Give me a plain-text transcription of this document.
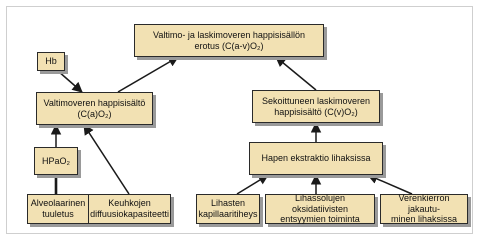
Valtimo- ja laskimoveren happisisällön
erotus (C(a-v)O₂)
Hb
Valtimoveren happisisältö
(C(a)O₂)
HPaO₂
Alveolaarinen
tuuletus
Keuhkojen
diffuusiokapasiteetti
Sekoittuneen laskimoveren
happisisältö (C(v)O₂)
Hapen ekstraktio lihaksissa
Lihasten
kapillaaritiheys
Lihassolujen oksidatiivisten
entsyymien toiminta
Verenkierron jakautu-
minen lihaksissa
